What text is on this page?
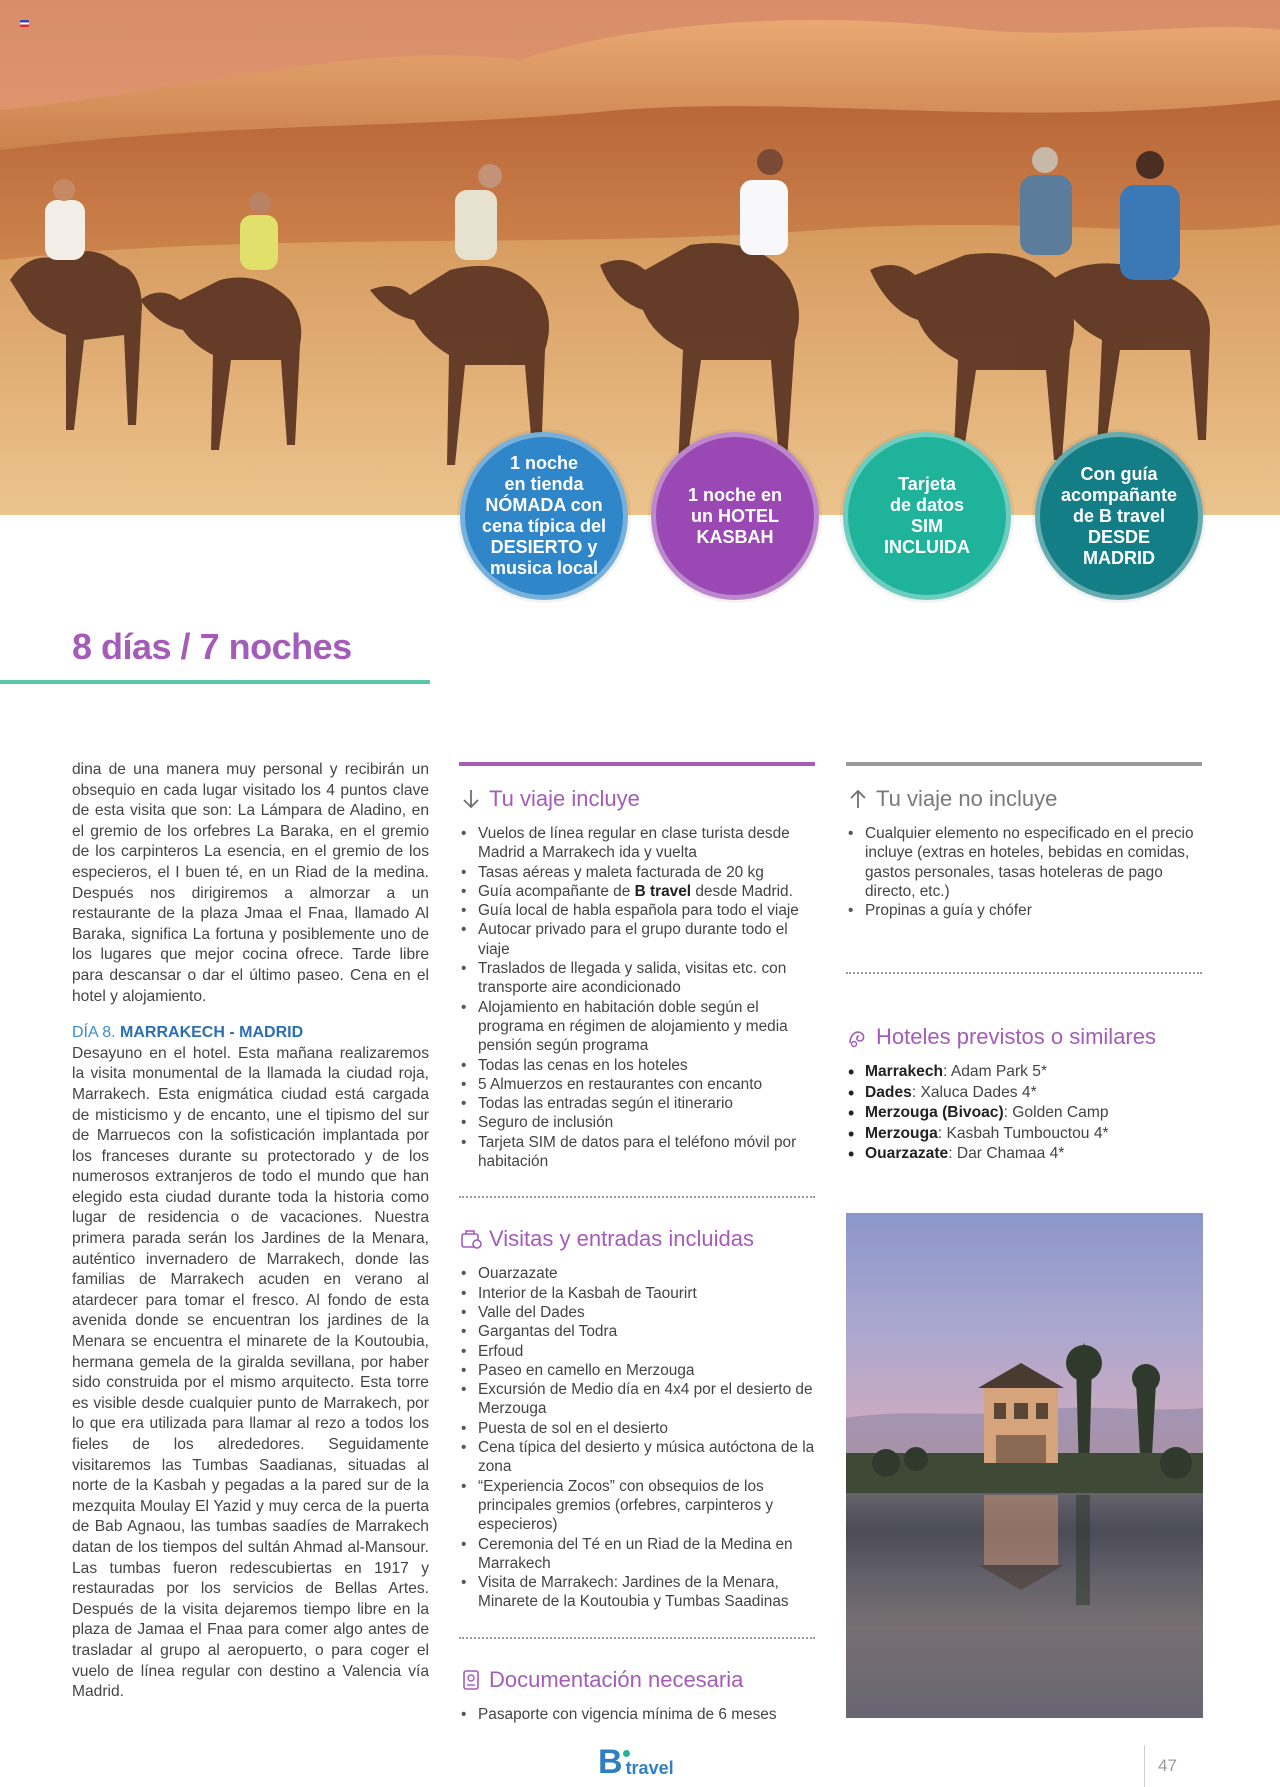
1 noche
en tienda
NÓMADA con
cena típica del
DESIERTO y
musica local
1 noche en
un HOTEL
KASBAH
Tarjeta
de datos
SIM
INCLUIDA
Con guía
acompañante
de B travel
DESDE
MADRID
8 días / 7 noches

dina de una manera muy personal y recibirán un obsequio en cada lugar visitado los 4 puntos clave de esta visita que son: La Lámpara de Aladino, en el gremio de los orfebres La Baraka, en el gremio de los carpinteros La esencia, en el gremio de los especieros, el I buen té, en un Riad de la medina. Después nos dirigiremos a almorzar a un restaurante de la plaza Jmaa el Fnaa, llamado Al Baraka, significa La fortuna y posiblemente uno de los lugares que mejor cocina ofrece. Tarde libre para descansar o dar el último paseo. Cena en el hotel y alojamiento.

DÍA 8. MARRAKECH - MADRID

Desayuno en el hotel. Esta mañana realizaremos la visita monumental de la llamada la ciudad roja, Marrakech. Esta enigmática ciudad está cargada de misticismo y de encanto, une el tipismo del sur de Marruecos con la sofisticación implantada por los franceses durante su protectorado y de los numerosos extranjeros de todo el mundo que han elegido esta ciudad durante toda la historia como lugar de residencia o de vacaciones. Nuestra primera parada serán los Jardines de la Menara, auténtico invernadero de Marrakech, donde las familias de Marrakech acuden en verano al atardecer para tomar el fresco. Al fondo de esta avenida donde se encuentran los jardines de la Menara se encuentra el minarete de la Koutoubia, hermana gemela de la giralda sevillana, por haber sido construida por el mismo arquitecto. Esta torre es visible desde cualquier punto de Marrakech, por lo que era utilizada para llamar al rezo a todos los fieles de los alrededores. Seguidamente visitaremos las Tumbas Saadianas, situadas al norte de la Kasbah y pegadas a la pared sur de la mezquita Moulay El Yazid y muy cerca de la puerta de Bab Agnaou, las tumbas saadíes de Marrakech datan de los tiempos del sultán Ahmad al-Mansour. Las tumbas fueron redescubiertas en 1917 y restauradas por los servicios de Bellas Artes. Después de la visita dejaremos tiempo libre en la plaza de Jamaa el Fnaa para comer algo antes de trasladar al grupo al aeropuerto, o para coger el vuelo de línea regular con destino a Valencia vía Madrid.

Tu viaje incluye
• Vuelos de línea regular en clase turista desde Madrid a Marrakech ida y vuelta
• Tasas aéreas y maleta facturada de 20 kg
• Guía acompañante de B travel desde Madrid.
• Guía local de habla española para todo el viaje
• Autocar privado para el grupo durante todo el viaje
• Traslados de llegada y salida, visitas etc. con transporte aire acondicionado
• Alojamiento en habitación doble según el programa en régimen de alojamiento y media pensión según programa
• Todas las cenas en los hoteles
• 5 Almuerzos en restaurantes con encanto
• Todas las entradas según el itinerario
• Seguro de inclusión
• Tarjeta SIM de datos para el teléfono móvil por habitación
Visitas y entradas incluidas
• Ouarzazate
• Interior de la Kasbah de Taourirt
• Valle del Dades
• Gargantas del Todra
• Erfoud
• Paseo en camello en Merzouga
• Excursión de Medio día en 4x4 por el desierto de Merzouga
• Puesta de sol en el desierto
• Cena típica del desierto y música autóctona de la zona
• “Experiencia Zocos” con obsequios de los principales gremios (orfebres, carpinteros y especieros)
• Ceremonia del Té en un Riad de la Medina en Marrakech
• Visita de Marrakech: Jardines de la Menara, Minarete de la Koutoubia y Tumbas Saadinas
Documentación necesaria
• Pasaporte con vigencia mínima de 6 meses
Tu viaje no incluye
• Cualquier elemento no especificado en el precio incluye (extras en hoteles, bebidas en comidas, gastos personales, tasas hoteleras de pago directo, etc.)
• Propinas a guía y chófer
Hoteles previstos o similares
• Marrakech: Adam Park 5*
• Dades: Xaluca Dades 4*
• Merzouga (Bivoac): Golden Camp
• Merzouga: Kasbah Tumbouctou 4*
• Ouarzazate: Dar Chamaa 4*
B travel	47
